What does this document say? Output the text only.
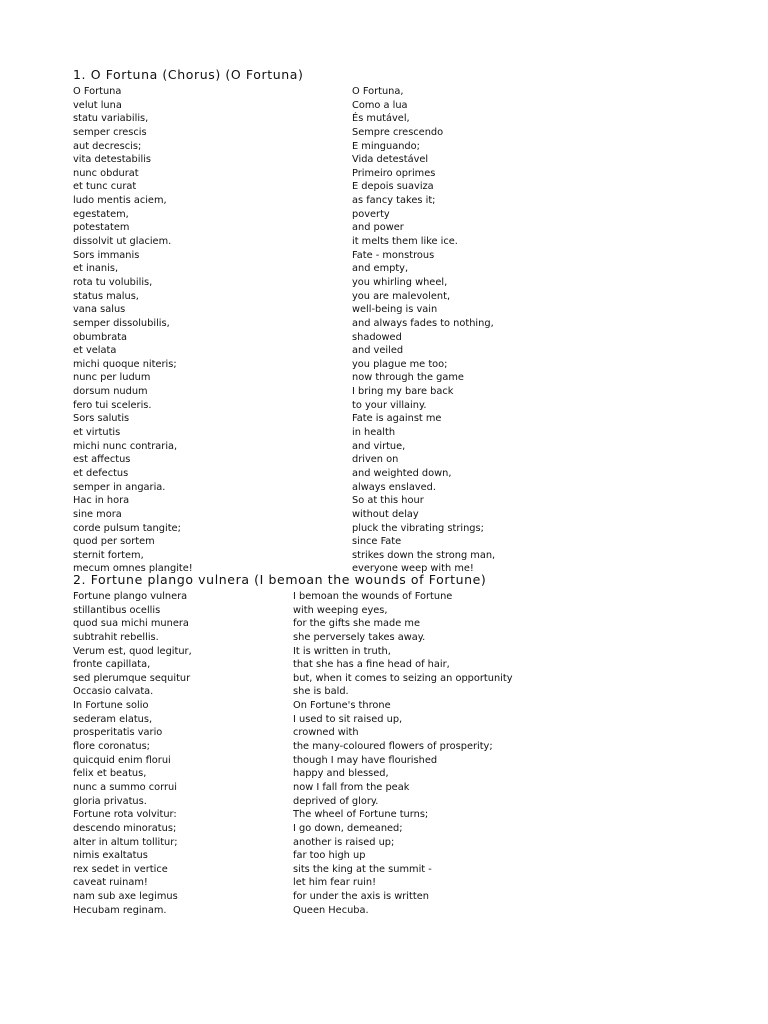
1. O Fortuna (Chorus) (O Fortuna)
O Fortuna
velut luna
statu variabilis,
semper crescis
aut decrescis;
vita detestabilis
nunc obdurat
et tunc curat
ludo mentis aciem,
egestatem,
potestatem
dissolvit ut glaciem.
Sors immanis
et inanis,
rota tu volubilis,
status malus,
vana salus
semper dissolubilis,
obumbrata
et velata
michi quoque niteris;
nunc per ludum
dorsum nudum
fero tui sceleris.
Sors salutis
et virtutis
michi nunc contraria,
est affectus
et defectus
semper in angaria.
Hac in hora
sine mora
corde pulsum tangite;
quod per sortem
sternit fortem,
mecum omnes plangite!
O Fortuna,
Como a lua
És mutável,
Sempre crescendo
E minguando;
Vida detestável
Primeiro oprimes
E depois suaviza
as fancy takes it;
poverty
and power
it melts them like ice.
Fate - monstrous
and empty,
you whirling wheel,
you are malevolent,
well-being is vain
and always fades to nothing,
shadowed
and veiled
you plague me too;
now through the game
I bring my bare back
to your villainy.
Fate is against me
in health
and virtue,
driven on
and weighted down,
always enslaved.
So at this hour
without delay
pluck the vibrating strings;
since Fate
strikes down the strong man,
everyone weep with me!
2. Fortune plango vulnera (I bemoan the wounds of Fortune)
Fortune plango vulnera
stillantibus ocellis
quod sua michi munera
subtrahit rebellis.
Verum est, quod legitur,
fronte capillata,
sed plerumque sequitur
Occasio calvata.
In Fortune solio
sederam elatus,
prosperitatis vario
flore coronatus;
quicquid enim florui
felix et beatus,
nunc a summo corrui
gloria privatus.
Fortune rota volvitur:
descendo minoratus;
alter in altum tollitur;
nimis exaltatus
rex sedet in vertice
caveat ruinam!
nam sub axe legimus
Hecubam reginam.
I bemoan the wounds of Fortune
with weeping eyes,
for the gifts she made me
she perversely takes away.
It is written in truth,
that she has a fine head of hair,
but, when it comes to seizing an opportunity
she is bald.
On Fortune's throne
I used to sit raised up,
crowned with
the many-coloured flowers of prosperity;
though I may have flourished
happy and blessed,
now I fall from the peak
deprived of glory.
The wheel of Fortune turns;
I go down, demeaned;
another is raised up;
far too high up
sits the king at the summit -
let him fear ruin!
for under the axis is written
Queen Hecuba.
